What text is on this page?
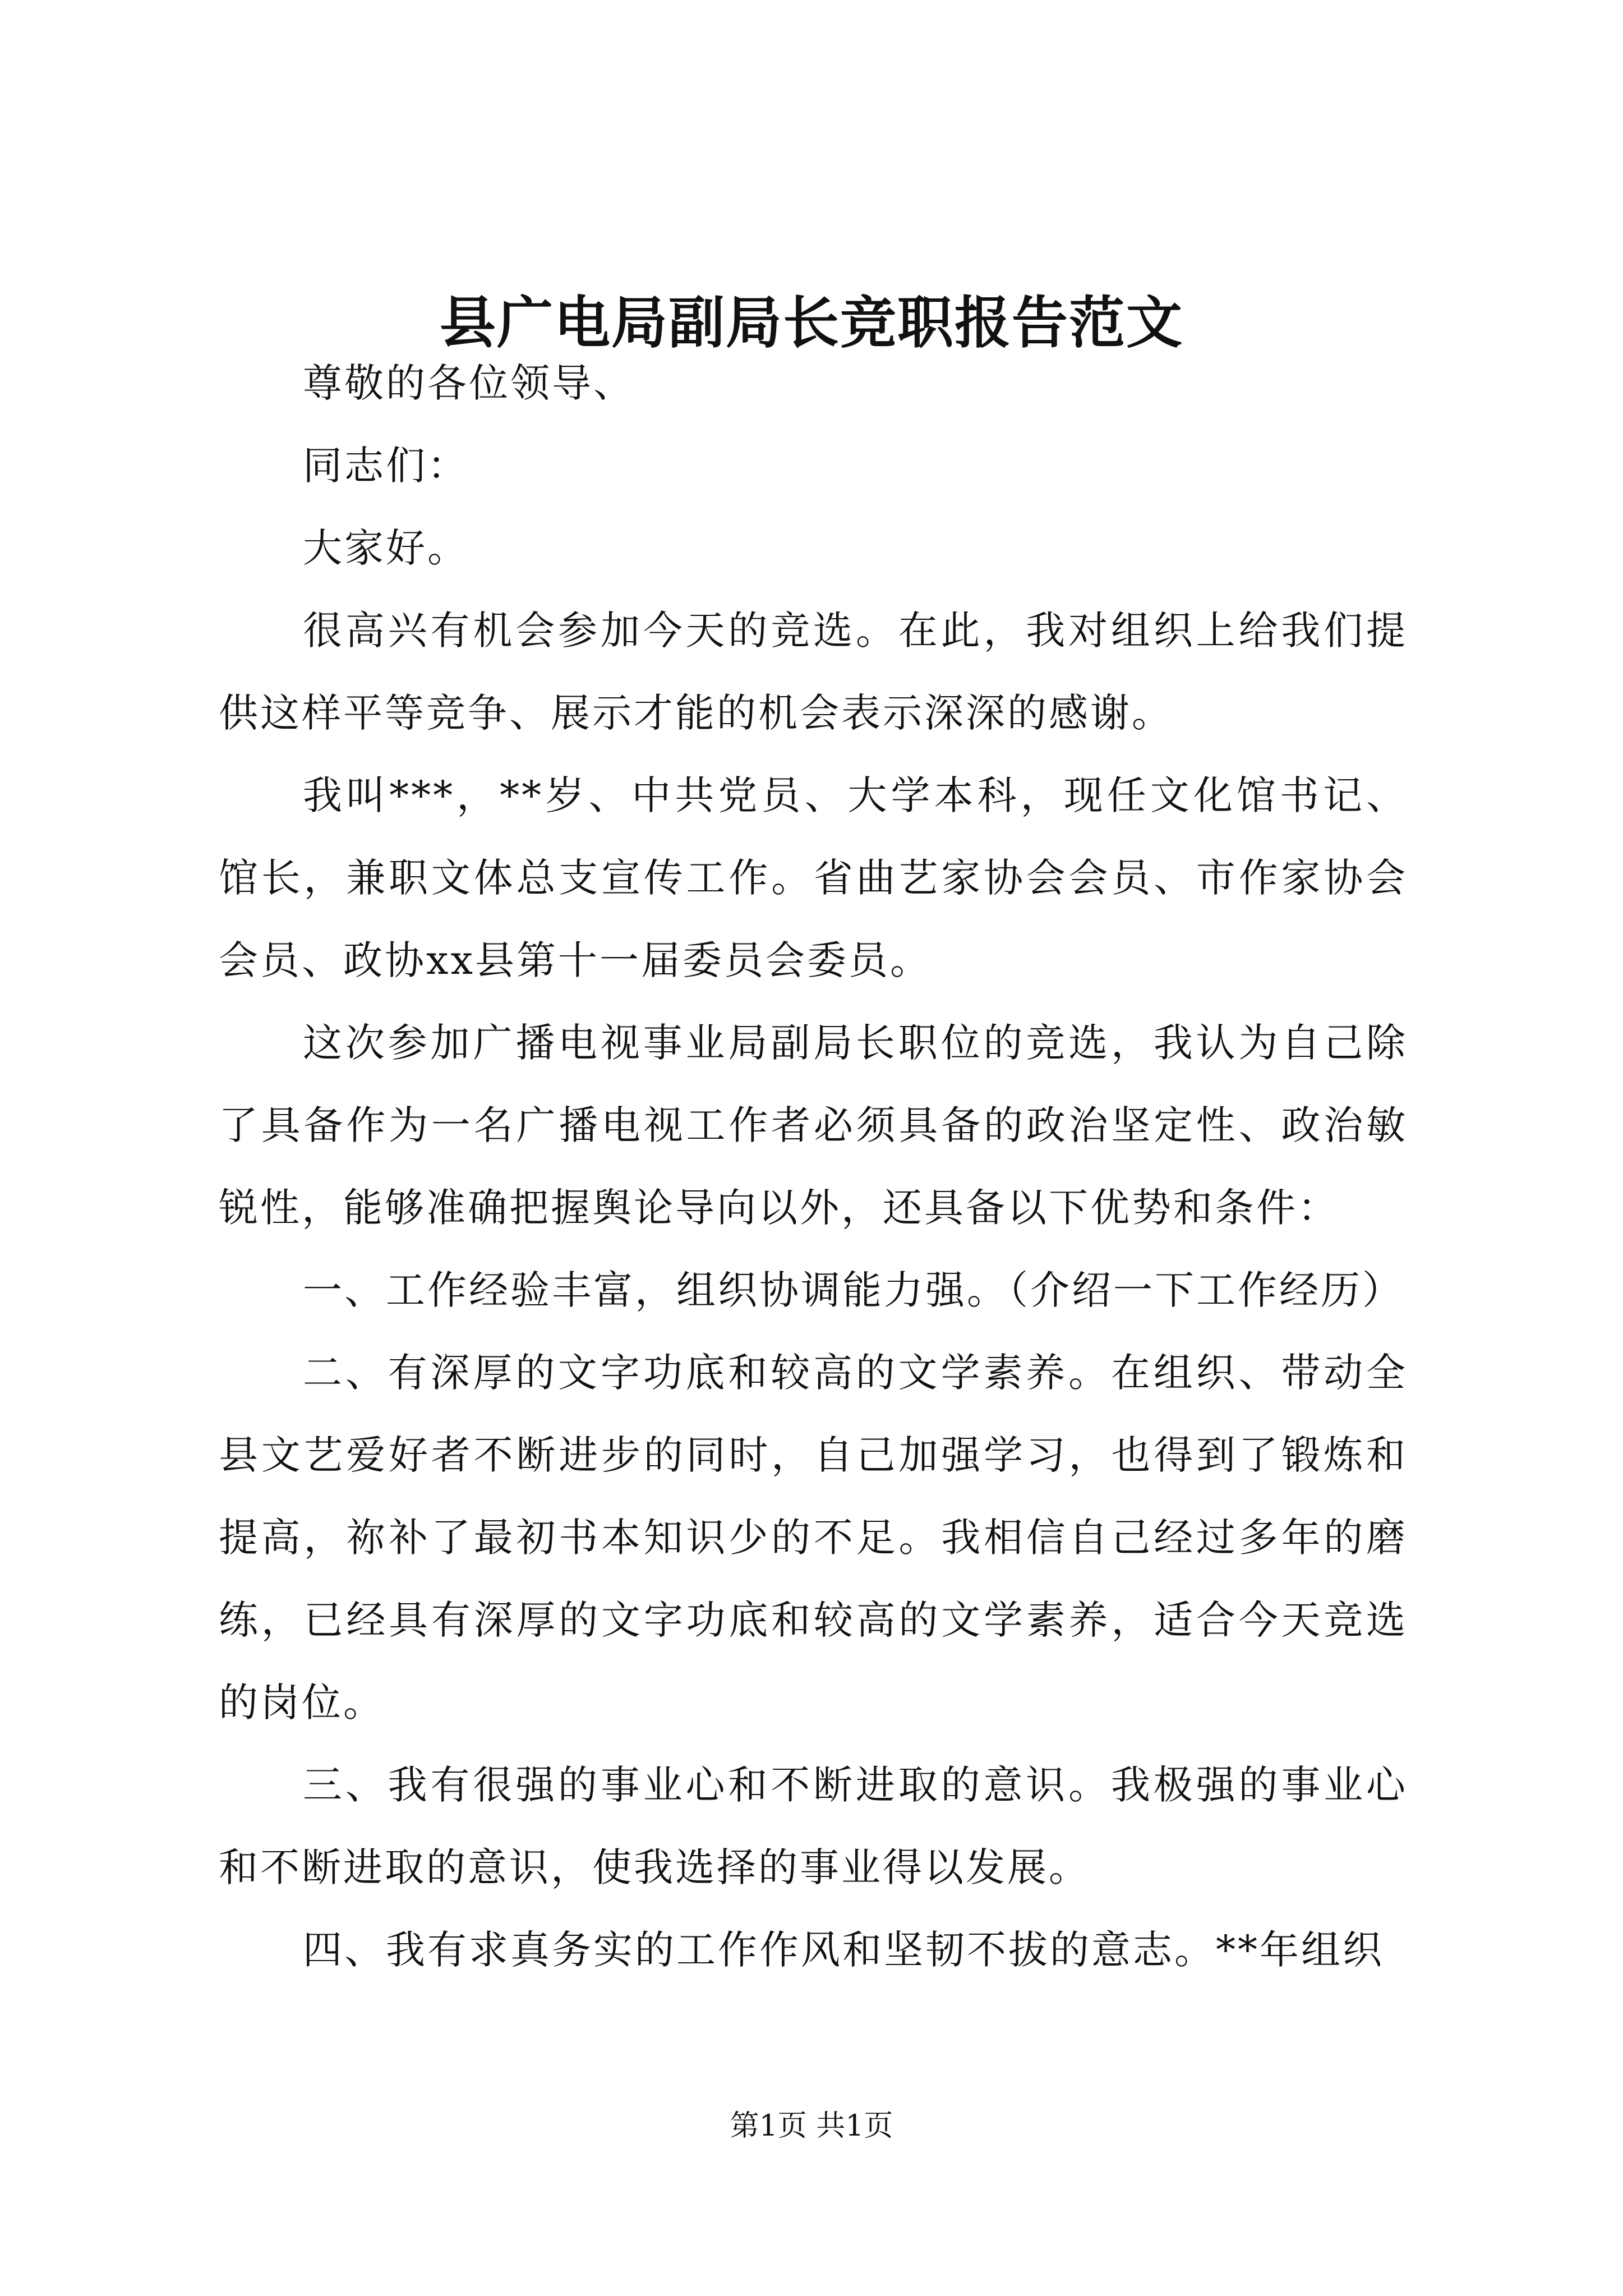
县广电局副局长竞职报告范文

尊敬的各位领导、

同志们：

大家好。

很高兴有机会参加今天的竞选。在此，我对组织上给我们提供这样平等竞争、展示才能的机会表示深深的感谢。

我叫***，**岁、中共党员、大学本科，现任文化馆书记、馆长，兼职文体总支宣传工作。省曲艺家协会会员、市作家协会会员、政协xx县第十一届委员会委员。

这次参加广播电视事业局副局长职位的竞选，我认为自己除了具备作为一名广播电视工作者必须具备的政治坚定性、政治敏锐性，能够准确把握舆论导向以外，还具备以下优势和条件：

一、工作经验丰富，组织协调能力强。（介绍一下工作经历）

二、有深厚的文字功底和较高的文学素养。在组织、带动全县文艺爱好者不断进步的同时，自己加强学习，也得到了锻炼和提高，祢补了最初书本知识少的不足。我相信自己经过多年的磨练，已经具有深厚的文字功底和较高的文学素养，适合今天竞选的岗位。

三、我有很强的事业心和不断进取的意识。我极强的事业心和不断进取的意识，使我选择的事业得以发展。

四、我有求真务实的工作作风和坚韧不拔的意志。**年组织

第1页 共1页
